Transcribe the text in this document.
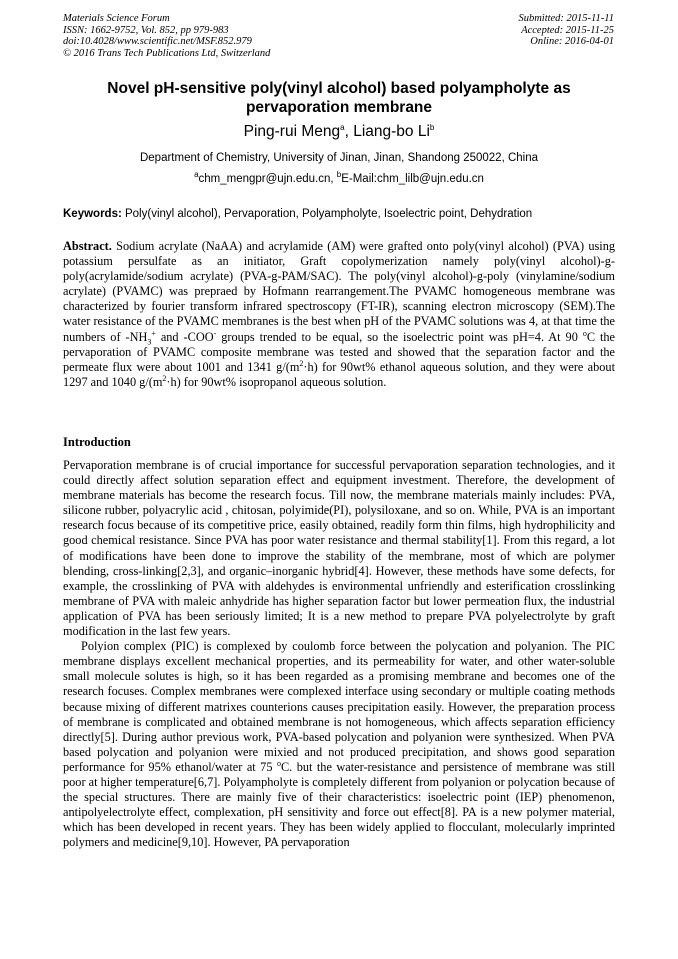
Materials Science Forum
ISSN: 1662-9752, Vol. 852, pp 979-983
doi:10.4028/www.scientific.net/MSF.852.979
© 2016 Trans Tech Publications Ltd, Switzerland
Submitted: 2015-11-11
Accepted: 2015-11-25
Online: 2016-04-01
Novel pH-sensitive poly(vinyl alcohol) based polyampholyte as
pervaporation membrane
Ping-rui Meng$^a$, Liang-bo Li$^b$
Department of Chemistry, University of Jinan, Jinan, Shandong 250022, China
$^a$chm_mengpr@ujn.edu.cn, $^b$E-Mail:chm_lilb@ujn.edu.cn
Keywords: Poly(vinyl alcohol), Pervaporation, Polyampholyte, Isoelectric point, Dehydration
Abstract. Sodium acrylate (NaAA) and acrylamide (AM) were grafted onto poly(vinyl alcohol) (PVA) using potassium persulfate as an initiator, Graft copolymerization namely poly(vinyl alcohol)-g-poly(acrylamide/sodium acrylate) (PVA-g-PAM/SAC). The poly(vinyl alcohol)-g-poly (vinylamine/sodium acrylate) (PVAMC) was prepraed by Hofmann rearrangement.The PVAMC homogeneous membrane was characterized by fourier transform infrared spectroscopy (FT-IR), scanning electron microscopy (SEM).The water resistance of the PVAMC membranes is the best when pH of the PVAMC solutions was 4, at that time the numbers of $-NH_3^+$ and -COO- groups trended to be equal, so the isoelectric point was pH=4. At 90 $^o$C the pervaporation of PVAMC composite membrane was tested and showed that the separation factor and the permeate flux were about 1001 and 1341 $g/(m^2\cdot h)$ for 90wt% ethanol aqueous solution, and they were about 1297 and 1040 $g/(m^2\cdot h)$ for 90wt% isopropanol aqueous solution.
Introduction

Pervaporation membrane is of crucial importance for successful pervaporation separation technologies, and it could directly affect solution separation effect and equipment investment. Therefore, the development of membrane materials has become the research focus. Till now, the membrane materials mainly includes: PVA, silicone rubber, polyacrylic acid , chitosan, polyimide(PI), polysiloxane, and so on. While, PVA is an important research focus because of its competitive price, easily obtained, readily form thin films, high hydrophilicity and good chemical resistance. Since PVA has poor water resistance and thermal stability[1]. From this regard, a lot of modifications have been done to improve the stability of the membrane, most of which are polymer blending, cross-linking[2,3], and organic–inorganic hybrid[4]. However, these methods have some defects, for example, the crosslinking of PVA with aldehydes is environmental unfriendly and esterification crosslinking membrane of PVA with maleic anhydride has higher separation factor but lower permeation flux, the industrial application of PVA has been seriously limited; It is a new method to prepare PVA polyelectrolyte by graft modification in the last few years.

Polyion complex (PIC) is complexed by coulomb force between the polycation and polyanion. The PIC membrane displays excellent mechanical properties, and its permeability for water, and other water-soluble small molecule solutes is high, so it has been regarded as a promising membrane and becomes one of the research focuses. Complex membranes were complexed interface using secondary or multiple coating methods because mixing of different matrixes counterions causes precipitation easily. However, the preparation process of membrane is complicated and obtained membrane is not homogeneous, which affects separation efficiency directly[5]. During author previous work, PVA-based polycation and polyanion were synthesized. When PVA based polycation and polyanion were mixied and not produced precipitation, and shows good separation performance for 95% ethanol/water at 75 $^o$C. but the water-resistance and persistence of membrane was still poor at higher temperature[6,7]. Polyampholyte is completely different from polyanion or polycation because of the special structures. There are mainly five of their characteristics: isoelectric point (IEP) phenomenon, antipolyelectrolyte effect, complexation, pH sensitivity and force out effect[8]. PA is a new polymer material, which has been developed in recent years. They has been widely applied to flocculant, molecularly imprinted polymers and medicine[9,10]. However, PA pervaporation
